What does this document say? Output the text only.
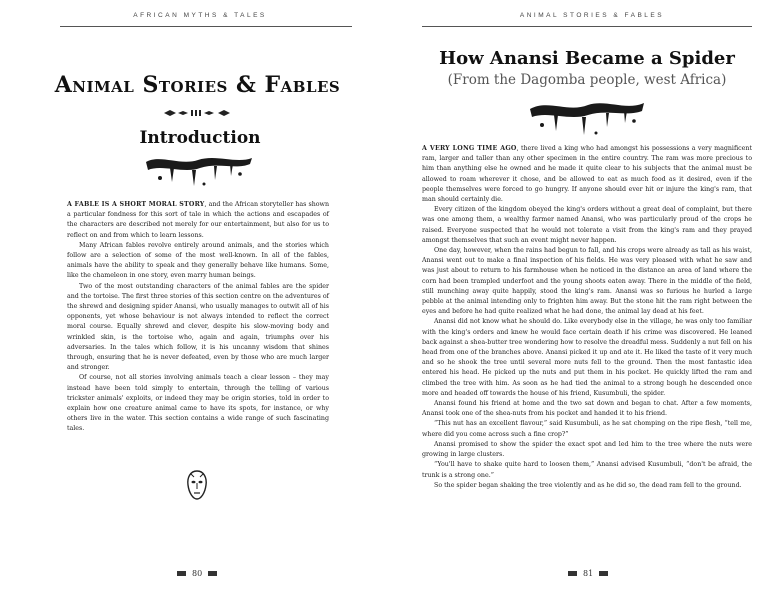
AFRICAN MYTHS & TALES
Animal Stories & Fables
Introduction

A FABLE IS A SHORT MORAL STORY, and the African storyteller has shown a particular fondness for this sort of tale in which the actions and escapades of the characters are described not merely for our entertainment, but also for us to reflect on and from which to learn lessons.

Many African fables revolve entirely around animals, and the stories which follow are a selection of some of the most well-known. In all of the fables, animals have the ability to speak and they generally behave like humans. Some, like the chameleon in one story, even marry human beings.

Two of the most outstanding characters of the animal fables are the spider and the tortoise. The first three stories of this section centre on the adventures of the shrewd and designing spider Anansi, who usually manages to outwit all of his opponents, yet whose behaviour is not always intended to reflect the correct moral course. Equally shrewd and clever, despite his slow-moving body and wrinkled skin, is the tortoise who, again and again, triumphs over his adversaries. In the tales which follow, it is his uncanny wisdom that shines through, ensuring that he is never defeated, even by those who are much larger and stronger.

Of course, not all stories involving animals teach a clear lesson – they may instead have been told simply to entertain, through the telling of various trickster animals' exploits, or indeed they may be origin stories, told in order to explain how one creature animal came to have its spots, for instance, or why others live in the water. This section contains a wide range of such fascinating tales.

80
ANIMAL STORIES & FABLES
How Anansi Became a Spider
(From the Dagomba people, west Africa)

A VERY LONG TIME AGO, there lived a king who had amongst his possessions a very magnificent ram, larger and taller than any other specimen in the entire country. The ram was more precious to him than anything else he owned and he made it quite clear to his subjects that the animal must be allowed to roam wherever it chose, and be allowed to eat as much food as it desired, even if the people themselves were forced to go hungry. If anyone should ever hit or injure the king's ram, that man should certainly die.

Every citizen of the kingdom obeyed the king's orders without a great deal of complaint, but there was one among them, a wealthy farmer named Anansi, who was particularly proud of the crops he raised. Everyone suspected that he would not tolerate a visit from the king's ram and they prayed amongst themselves that such an event might never happen.

One day, however, when the rains had begun to fall, and his crops were already as tall as his waist, Anansi went out to make a final inspection of his fields. He was very pleased with what he saw and was just about to return to his farmhouse when he noticed in the distance an area of land where the corn had been trampled underfoot and the young shoots eaten away. There in the middle of the field, still munching away quite happily, stood the king's ram. Anansi was so furious he hurled a large pebble at the animal intending only to frighten him away. But the stone hit the ram right between the eyes and before he had quite realized what he had done, the animal lay dead at his feet.

Anansi did not know what he should do. Like everybody else in the village, he was only too familiar with the king's orders and knew he would face certain death if his crime was discovered. He leaned back against a shea-butter tree wondering how to resolve the dreadful mess. Suddenly a nut fell on his head from one of the branches above. Anansi picked it up and ate it. He liked the taste of it very much and so he shook the tree until several more nuts fell to the ground. Then the most fantastic idea entered his head. He picked up the nuts and put them in his pocket. He quickly lifted the ram and climbed the tree with him. As soon as he had tied the animal to a strong bough he descended once more and headed off towards the house of his friend, Kusumbuli, the spider.

Anansi found his friend at home and the two sat down and began to chat. After a few moments, Anansi took one of the shea-nuts from his pocket and handed it to his friend.

“This nut has an excellent flavour,” said Kusumbuli, as he sat chomping on the ripe flesh, “tell me, where did you come across such a fine crop?”

Anansi promised to show the spider the exact spot and led him to the tree where the nuts were growing in large clusters.

“You'll have to shake quite hard to loosen them,” Anansi advised Kusumbuli, “don't be afraid, the trunk is a strong one.”

So the spider began shaking the tree violently and as he did so, the dead ram fell to the ground.

81
